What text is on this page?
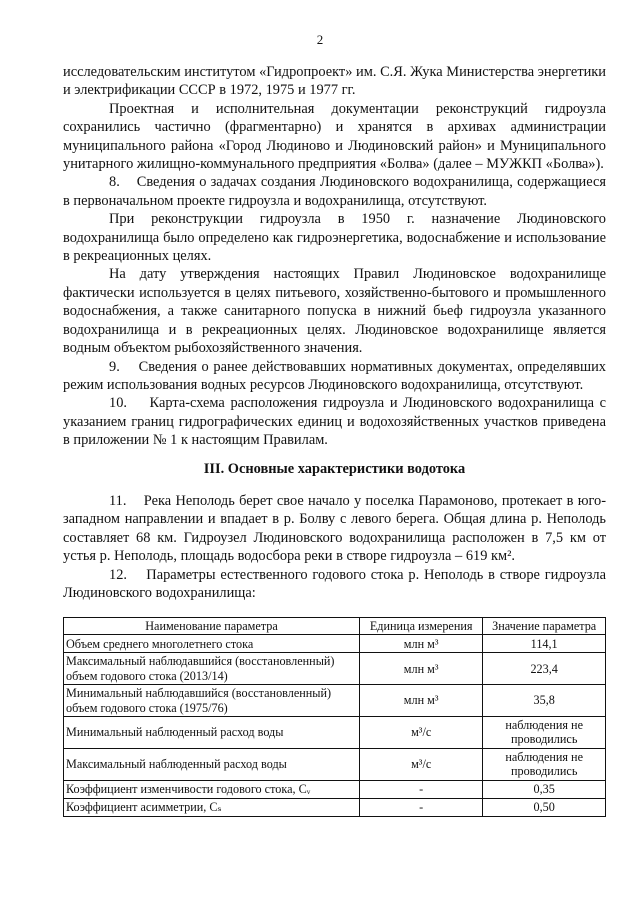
2

исследовательским институтом «Гидропроект» им. С.Я. Жука Министерства энергетики и электрификации СССР в 1972, 1975 и 1977 гг.

Проектная и исполнительная документации реконструкций гидроузла сохранились частично (фрагментарно) и хранятся в архивах администрации муниципального района «Город Людиново и Людиновский район» и Муниципального унитарного жилищно-коммунального предприятия «Болва» (далее – МУЖКП «Болва»).

8.    Сведения о задачах создания Людиновского водохранилища, содержащиеся в первоначальном проекте гидроузла и водохранилища, отсутствуют.

При реконструкции гидроузла в 1950 г. назначение Людиновского водохранилища было определено как гидроэнергетика, водоснабжение и использование в рекреационных целях.

На дату утверждения настоящих Правил Людиновское водохранилище фактически используется в целях питьевого, хозяйственно-бытового и промышленного водоснабжения, а также санитарного попуска в нижний бьеф гидроузла указанного водохранилища и в рекреационных целях. Людиновское водохранилище является водным объектом рыбохозяйственного значения.

9.    Сведения о ранее действовавших нормативных документах, определявших режим использования водных ресурсов Людиновского водохранилища, отсутствуют.

10.    Карта-схема расположения гидроузла и Людиновского водохранилища с указанием границ гидрографических единиц и водохозяйственных участков приведена в приложении № 1 к настоящим Правилам.

III. Основные характеристики водотока

11.    Река Неполодь берет свое начало у поселка Парамоново, протекает в юго-западном направлении и впадает в р. Болву с левого берега. Общая длина р. Неполодь составляет 68 км. Гидроузел Людиновского водохранилища расположен в 7,5 км от устья р. Неполодь, площадь водосбора реки в створе гидроузла – 619 км².

12.    Параметры естественного годового стока р. Неполодь в створе гидроузла Людиновского водохранилища:

Наименование параметра	Единица измерения	Значение параметра
Объем среднего многолетнего стока	млн м³	114,1
Максимальный наблюдавшийся (восстановленный) объем годового стока (2013/14)	млн м³	223,4
Минимальный наблюдавшийся (восстановленный) объем годового стока (1975/76)	млн м³	35,8
Минимальный наблюденный расход воды	м³/с	наблюдения не проводились
Максимальный наблюденный расход воды	м³/с	наблюдения не проводились
Коэффициент изменчивости годового стока, Cᵥ	-	0,35
Коэффициент асимметрии, Cₛ	-	0,50
